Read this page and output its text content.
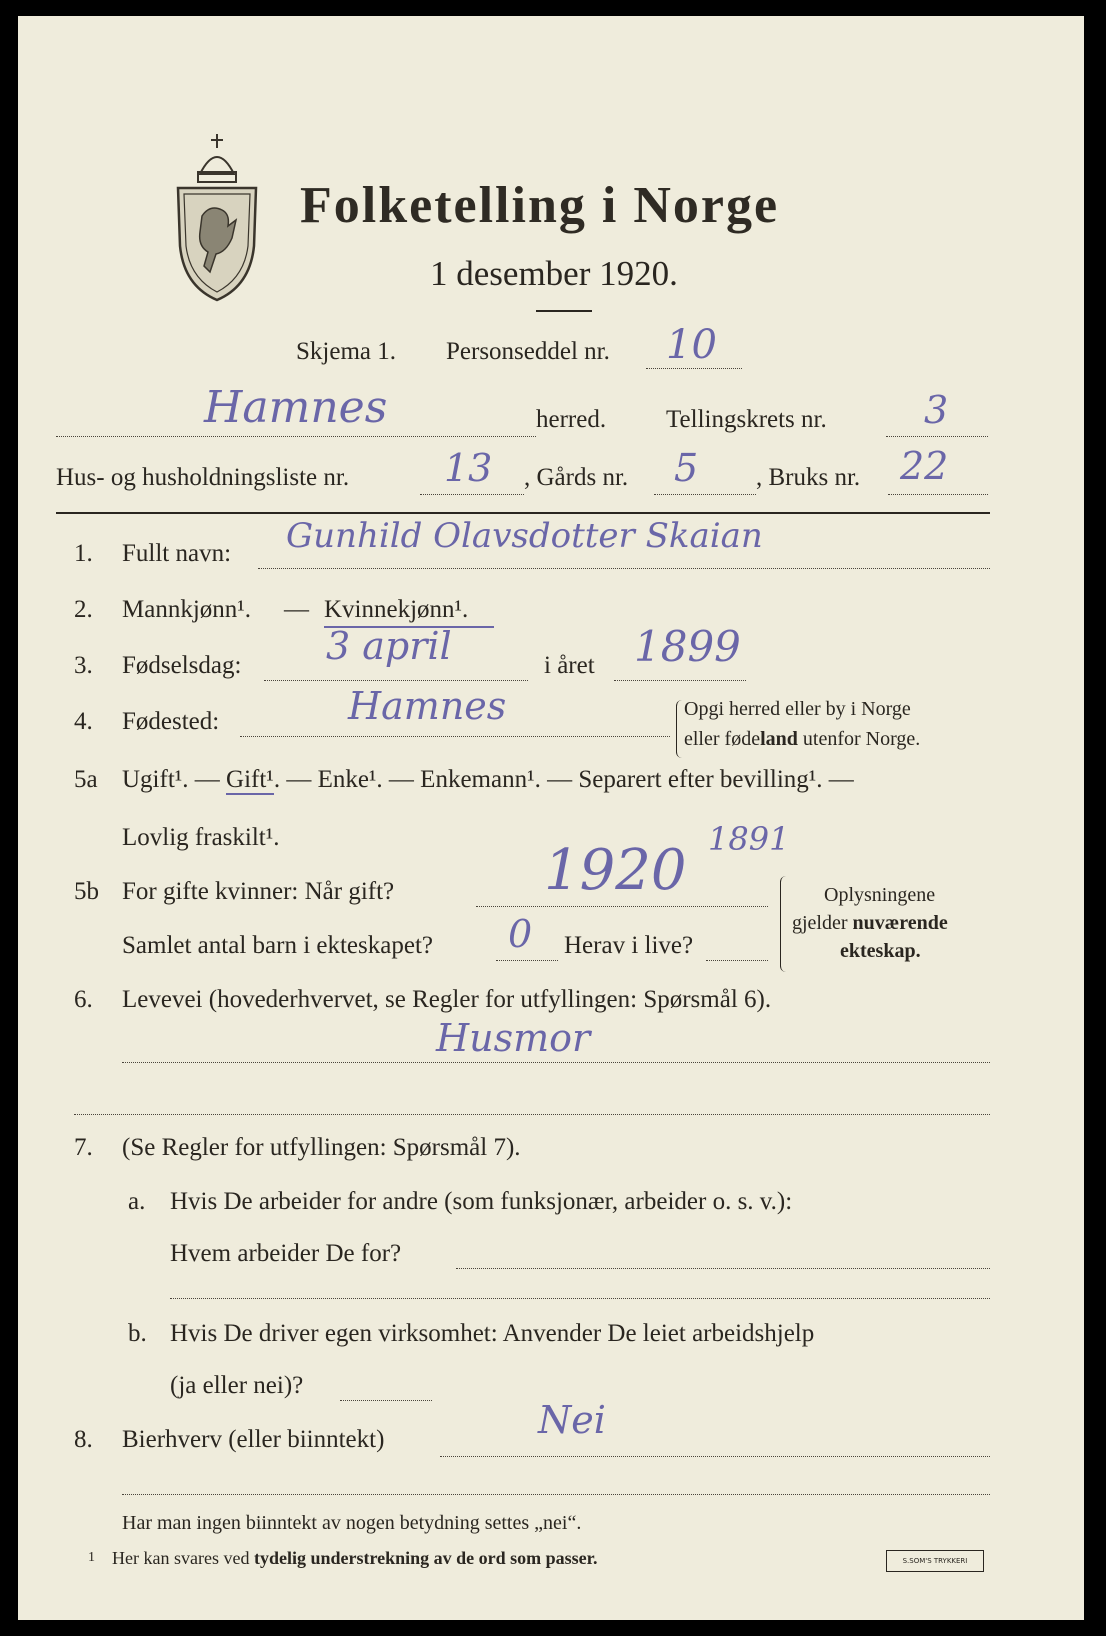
Folketelling i Norge
1 desember 1920.
Skjema 1. Personseddel nr. 10
Hamnes	herred. Tellingskrets nr.	3
Hus- og husholdningsliste nr. 13 , Gårds nr. 5 , Bruks nr. 22
1. Fullt navn: Gunhild Olavsdotter Skaian
2. Mannkjønn¹. — Kvinnekjønn¹.
3. Fødselsdag: 3 april	i året 1899
4. Fødested:	Hamnes	Opgi herred eller by i Norge
eller fødeland utenfor Norge.
5a Ugift¹. — Gift¹. — Enke¹. — Enkemann¹. — Separert efter bevilling¹. —
Lovlig fraskilt¹.
5b For gifte kvinner: Når gift?	1920 1891
Samlet antal barn i ekteskapet? 0 Herav i live?
Oplysningene
gjelder nuværende
ekteskap.
6. Levevei (hovederhvervet, se Regler for utfyllingen: Spørsmål 6).
Husmor
7. (Se Regler for utfyllingen: Spørsmål 7).
a. Hvis De arbeider for andre (som funksjonær, arbeider o. s. v.):
Hvem arbeider De for?
b. Hvis De driver egen virksomhet: Anvender De leiet arbeidshjelp
(ja eller nei)?
8. Bierhverv (eller biinntekt)	Nei
Har man ingen biinntekt av nogen betydning settes „nei“.
1 Her kan svares ved tydelig understrekning av de ord som passer.	S.SOM'S TRYKKERI
